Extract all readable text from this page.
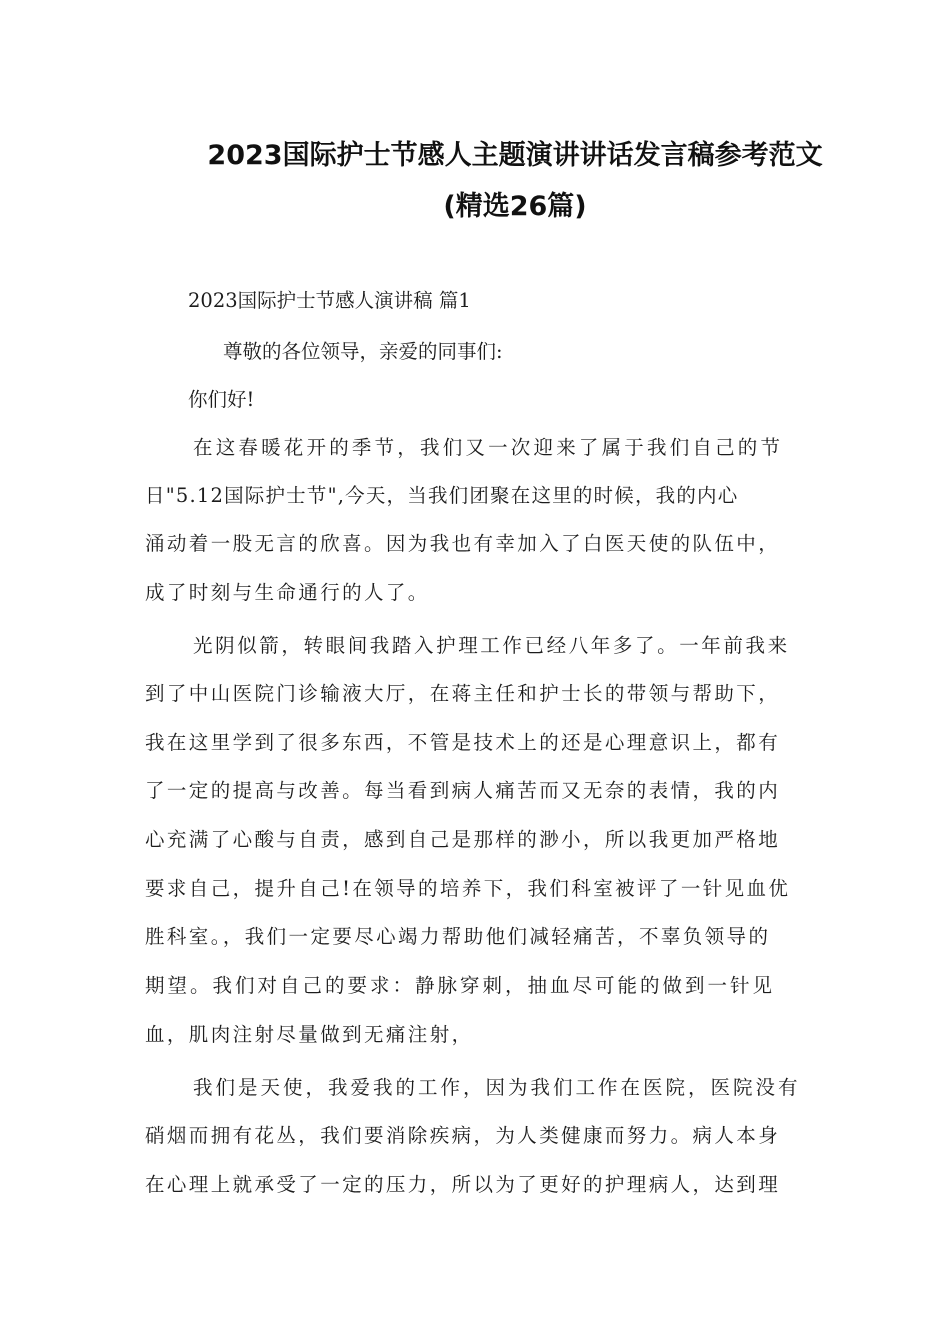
2023国际护士节感人主题演讲讲话发言稿参考范文
(精选26篇)
2023国际护士节感人演讲稿 篇1
尊敬的各位领导，亲爱的同事们:
你们好!
在这春暖花开的季节，我们又一次迎来了属于我们自己的节
日"5.12国际护士节",今天，当我们团聚在这里的时候，我的内心
涌动着一股无言的欣喜。因为我也有幸加入了白医天使的队伍中，
成了时刻与生命通行的人了。
光阴似箭，转眼间我踏入护理工作已经八年多了。一年前我来
到了中山医院门诊输液大厅，在蒋主任和护士长的带领与帮助下，
我在这里学到了很多东西，不管是技术上的还是心理意识上，都有
了一定的提高与改善。每当看到病人痛苦而又无奈的表情，我的内
心充满了心酸与自责，感到自己是那样的渺小，所以我更加严格地
要求自己，提升自己!在领导的培养下，我们科室被评了一针见血优
胜科室。，我们一定要尽心竭力帮助他们减轻痛苦，不辜负领导的
期望。我们对自己的要求：静脉穿刺，抽血尽可能的做到一针见
血，肌肉注射尽量做到无痛注射，
我们是天使，我爱我的工作，因为我们工作在医院，医院没有
硝烟而拥有花丛，我们要消除疾病，为人类健康而努力。病人本身
在心理上就承受了一定的压力，所以为了更好的护理病人，达到理
